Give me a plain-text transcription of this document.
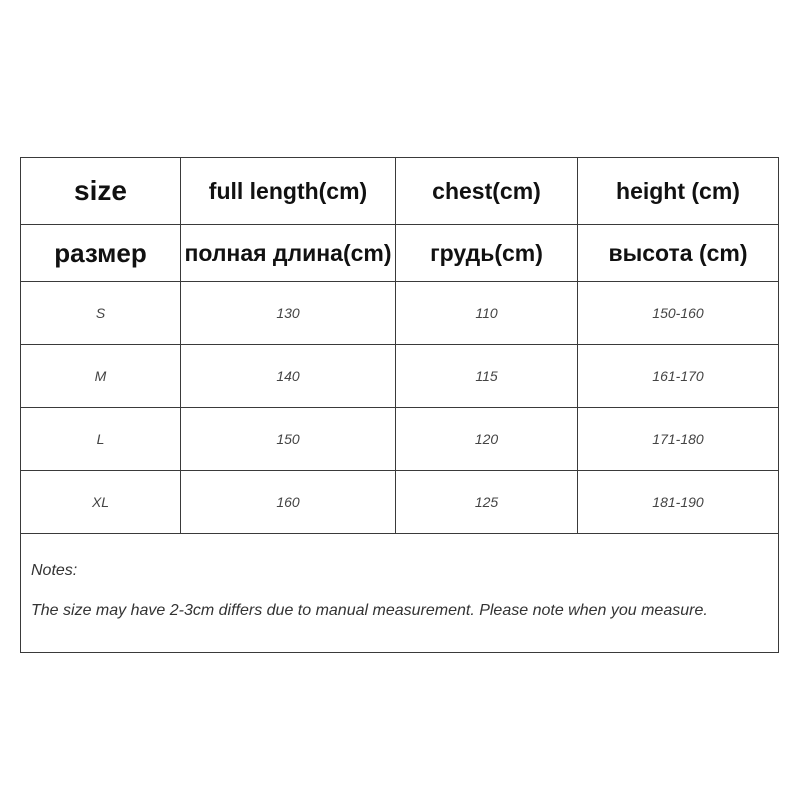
size	full length(cm)	chest(cm)	height (cm)
размер	полная длина(cm)	грудь(cm)	высота (cm)
S	130	110	150-160
M	140	115	161-170
L	150	120	171-180
XL	160	125	181-190

Notes:
The size may have 2-3cm differs due to manual measurement. Please note when you measure.			
